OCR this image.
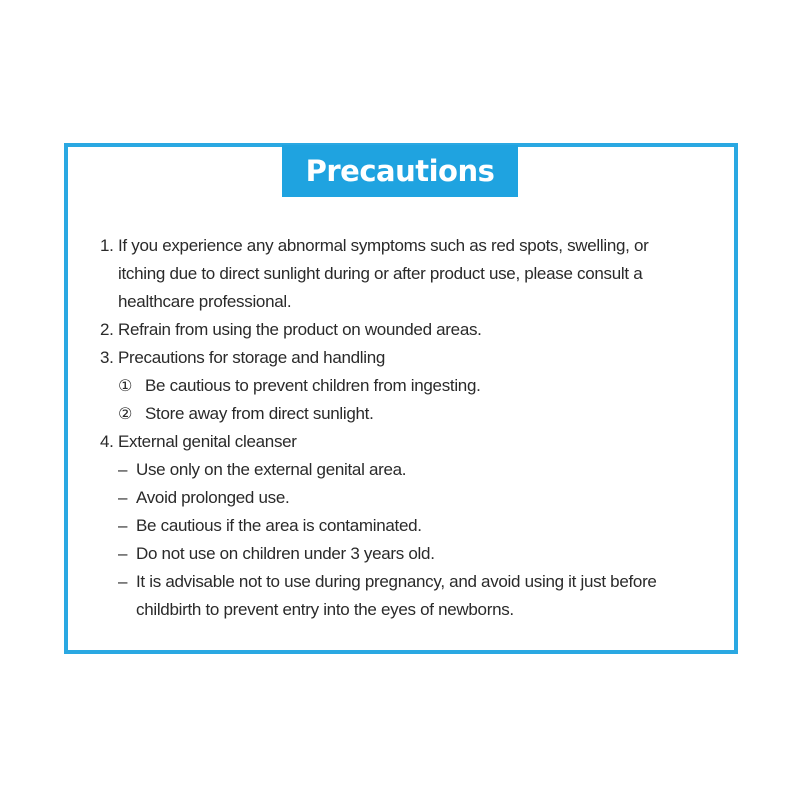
Precautions
1. If you experience any abnormal symptoms such as red spots, swelling, or itching due to direct sunlight during or after product use, please consult a healthcare professional.
2. Refrain from using the product on wounded areas.
3. Precautions for storage and handling
① Be cautious to prevent children from ingesting.
② Store away from direct sunlight.
4. External genital cleanser
– Use only on the external genital area.
– Avoid prolonged use.
– Be cautious if the area is contaminated.
– Do not use on children under 3 years old.
– It is advisable not to use during pregnancy, and avoid using it just before childbirth to prevent entry into the eyes of newborns.
